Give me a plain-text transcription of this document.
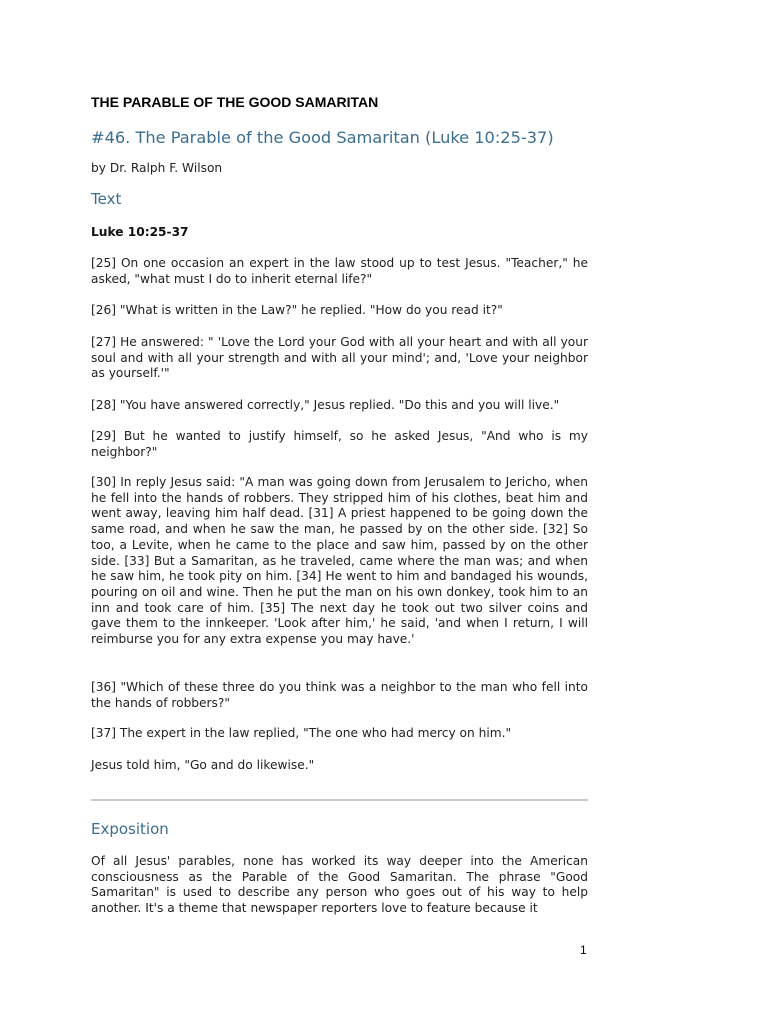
THE PARABLE OF THE GOOD SAMARITAN
#46. The Parable of the Good Samaritan (Luke 10:25-37)
by Dr. Ralph F. Wilson
Text
Luke 10:25-37

[25] On one occasion an expert in the law stood up to test Jesus. "Teacher," he asked, "what must I do to inherit eternal life?"

[26] "What is written in the Law?" he replied. "How do you read it?"

[27] He answered: " 'Love the Lord your God with all your heart and with all your soul and with all your strength and with all your mind'; and, 'Love your neighbor as yourself.'"

[28] "You have answered correctly," Jesus replied. "Do this and you will live."

[29] But he wanted to justify himself, so he asked Jesus, "And who is my neighbor?"

[30] In reply Jesus said: "A man was going down from Jerusalem to Jericho, when he fell into the hands of robbers. They stripped him of his clothes, beat him and went away, leaving him half dead. [31] A priest happened to be going down the same road, and when he saw the man, he passed by on the other side. [32] So too, a Levite, when he came to the place and saw him, passed by on the other side. [33] But a Samaritan, as he traveled, came where the man was; and when he saw him, he took pity on him. [34] He went to him and bandaged his wounds, pouring on oil and wine. Then he put the man on his own donkey, took him to an inn and took care of him. [35] The next day he took out two silver coins and gave them to the innkeeper. 'Look after him,' he said, 'and when I return, I will reimburse you for any extra expense you may have.'

[36] "Which of these three do you think was a neighbor to the man who fell into the hands of robbers?"

[37] The expert in the law replied, "The one who had mercy on him."

Jesus told him, "Go and do likewise."

Exposition

Of all Jesus' parables, none has worked its way deeper into the American consciousness as the Parable of the Good Samaritan. The phrase "Good Samaritan" is used to describe any person who goes out of his way to help another. It's a theme that newspaper reporters love to feature because it

1
